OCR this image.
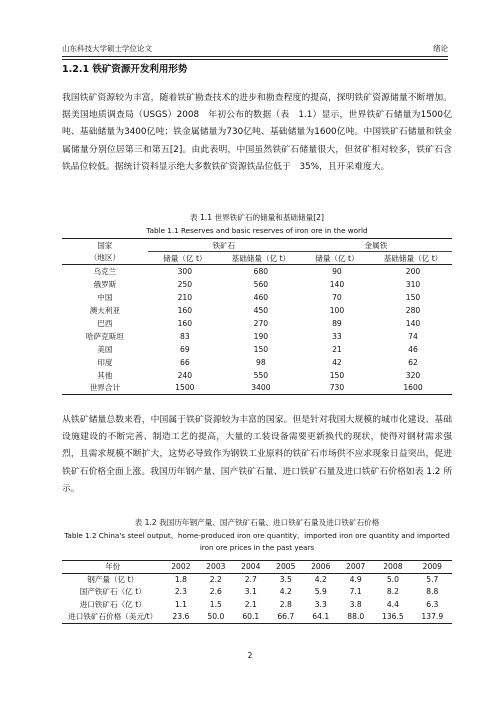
山东科技大学硕士学位论文	绪论
1.2.1 铁矿资源开发利用形势

我国铁矿资源较为丰富，随着铁矿勘查技术的进步和勘查程度的提高，探明铁矿资源储量不断增加。据美国地质调查局（USGS）2008　年初公布的数据（表　1.1）显示，世界铁矿石储量为1500亿吨、基础储量为3400亿吨；铁金属储量为730亿吨、基础储量为1600亿吨。中国铁矿石储量和铁金属储量分别位居第三和第五[2]。由此表明，中国虽然铁矿石储量很大，但贫矿相对较多，铁矿石含铁品位较低。据统计资料显示绝大多数铁矿资源铁品位低于　35%，且开采难度大。

表 1.1 世界铁矿石的储量和基础储量[2]
Table 1.1 Reserves and basic reserves of iron ore in the world
国家	铁矿石		金属铁	
（地区）	储量（亿 t）	基础储量（亿 t）	储量（亿 t）	基础储量（亿 t）
乌克兰	300	680	90	200
俄罗斯	250	560	140	310
中国	210	460	70	150
澳大利亚	160	450	100	280
巴西	160	270	89	140
哈萨克斯坦	83	190	33	74
美国	69	150	21	46
印度	66	98	42	62
其他	240	550	150	320
世界合计	1500	3400	730	1600

从铁矿储量总数来看，中国属于铁矿资源较为丰富的国家。但是针对我国大规模的城市化建设、基础设施建设的不断完善、制造工艺的提高，大量的工装设备需要更新换代的现状，使得对钢材需求强烈，且需求规模不断扩大，这势必导致作为钢铁工业原料的铁矿石市场供不应求现象日益突出，促进铁矿石价格全面上涨。我国历年钢产量、国产铁矿石量、进口铁矿石量及进口铁矿石价格如表 1.2 所示。

表 1.2 我国历年钢产量、国产铁矿石量、进口铁矿石量及进口铁矿石价格
Table 1.2 China's steel output、home-produced iron ore quantity、imported iron ore quantity and imported iron ore prices in the past years
年份	2002	2003	2004	2005	2006	2007	2008	2009
钢产量（亿 t）	1.8	2.2	2.7	3.5	4.2	4.9	5.0	5.7
国产铁矿石（亿 t）	2.3	2.6	3.1	4.2	5.9	7.1	8.2	8.8
进口铁矿石（亿 t）	1.1	1.5	2.1	2.8	3.3	3.8	4.4	6.3
进口铁矿石价格（美元/t）	23.6	50.0	60.1	66.7	64.1	88.0	136.5	137.9
2
